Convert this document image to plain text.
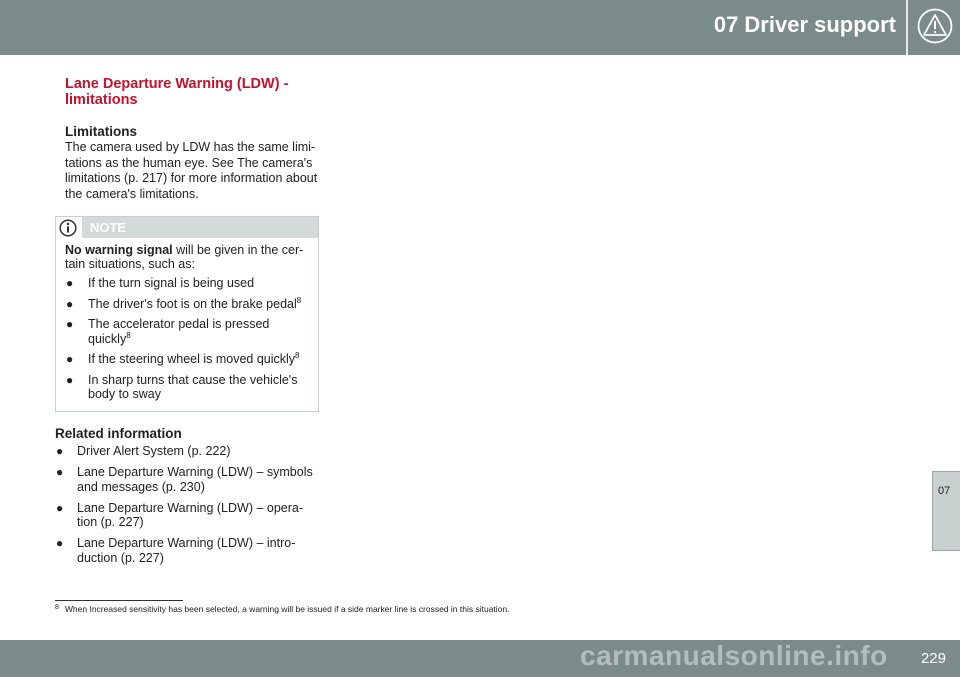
07 Driver support

Lane Departure Warning (LDW) -
limitations

Limitations

The camera used by LDW has the same limi-
tations as the human eye. See The camera's
limitations (p. 217) for more information about
the camera's limitations.

NOTE

No warning signal will be given in the cer-
tain situations, such as:

● If the turn signal is being used
● The driver's foot is on the brake pedal$^8$
● The accelerator pedal is pressed
quickly$^8$
● If the steering wheel is moved quickly$^8$
● In sharp turns that cause the vehicle's
body to sway

Related information

● Driver Alert System (p. 222)
● Lane Departure Warning (LDW) – symbols
and messages (p. 230)
● Lane Departure Warning (LDW) – opera-
tion (p. 227)
● Lane Departure Warning (LDW) – intro-
duction (p. 227)
$^8$ When Increased sensitivity has been selected, a warning will be issued if a side marker line is crossed in this situation.
07
229
carmanualsonline.info
